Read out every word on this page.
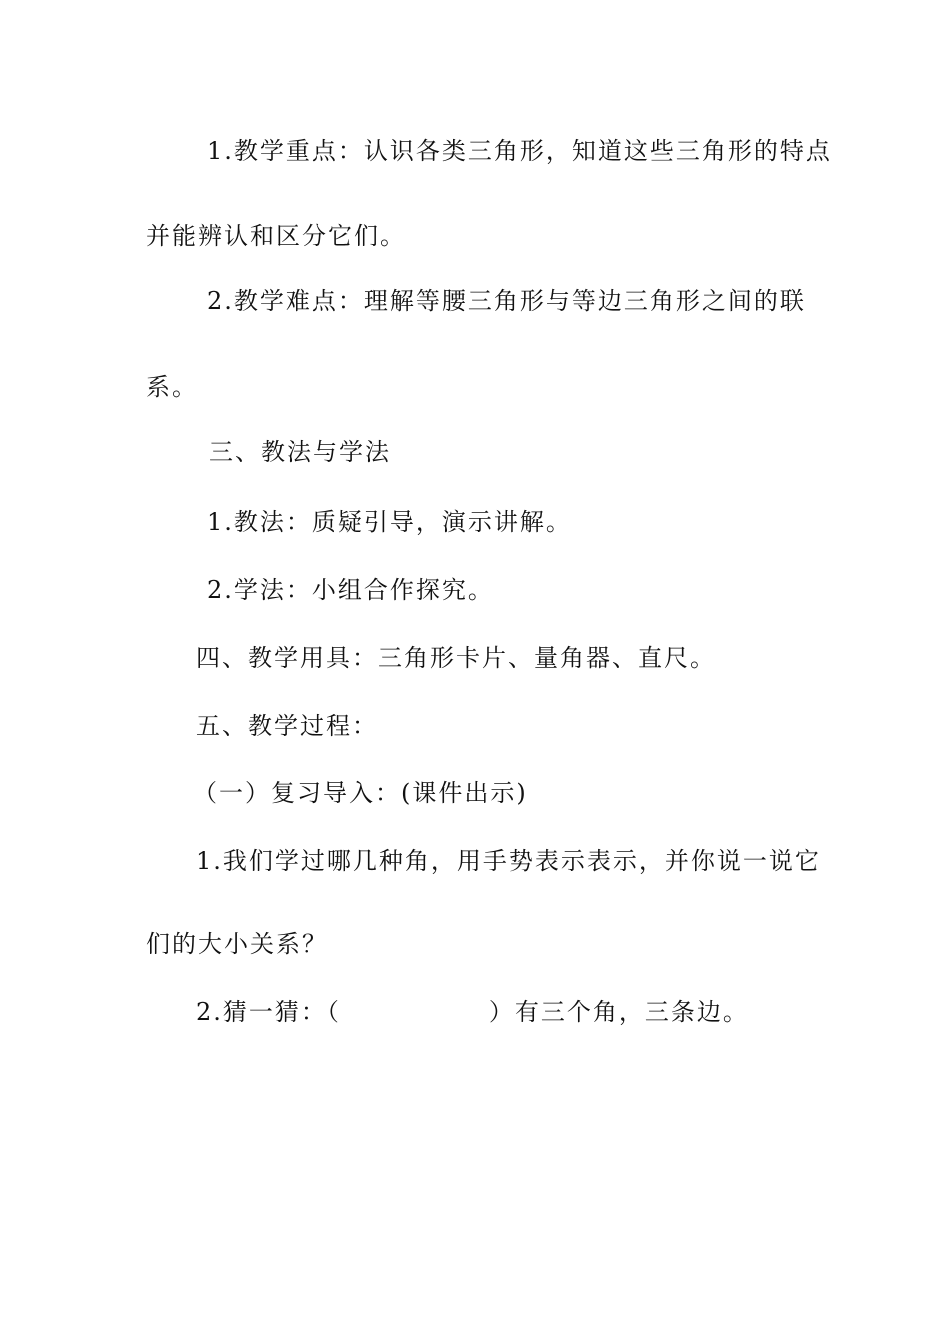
1.教学重点：认识各类三角形，知道这些三角形的特点
并能辨认和区分它们。
2.教学难点：理解等腰三角形与等边三角形之间的联
系。
三、教法与学法
1.教法：质疑引导，演示讲解。
2.学法：小组合作探究。
四、教学用具：三角形卡片、量角器、直尺。
五、教学过程：
（一）复习导入：(课件出示)
1.我们学过哪几种角，用手势表示表示，并你说一说它
们的大小关系？
2.猜一猜：（	）有三个角，三条边。
